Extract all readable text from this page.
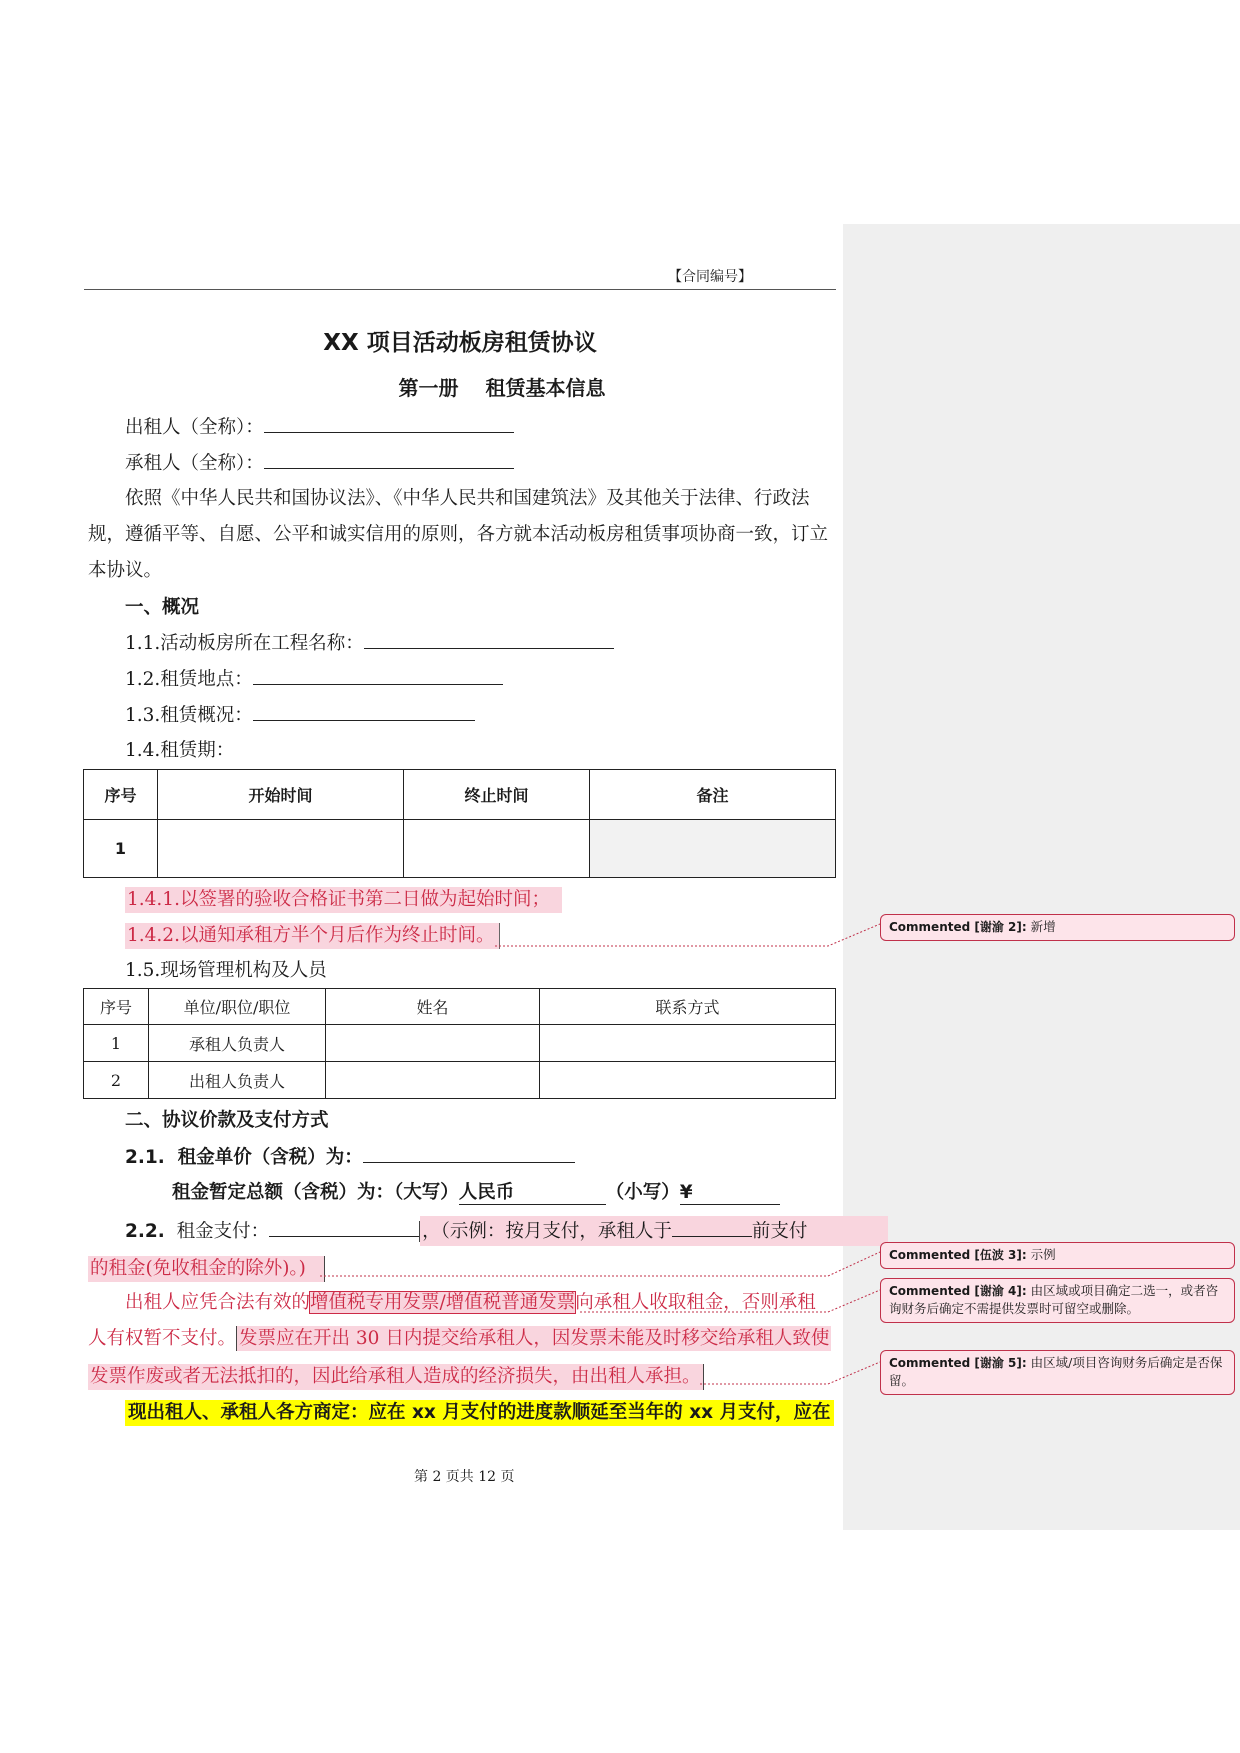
【合同编号】
XX 项目活动板房租赁协议
第一册　 租赁基本信息
出租人（全称）：
承租人（全称）：
依照《中华人民共和国协议法》、《中华人民共和国建筑法》及其他关于法律、行政法
规，遵循平等、自愿、公平和诚实信用的原则，各方就本活动板房租赁事项协商一致，订立
本协议。
一、概况
1.1.活动板房所在工程名称：
1.2.租赁地点：
1.3.租赁概况：
1.4.租赁期：
序号	开始时间	终止时间	备注
1			
1.4.1.以签署的验收合格证书第二日做为起始时间；
1.4.2.以通知承租方半个月后作为终止时间。
1.5.现场管理机构及人员
序号	单位/职位/职位	姓名	联系方式
1	承租人负责人		
2	出租人负责人		
二、协议价款及支付方式
2.1. 租金单价（含税）为：
租金暂定总额（含税）为：（大写）人民币	（小写）¥
2.2. 租金支付：	，（示例：按月支付，承租人于	前支付
的租金(免收租金的除外)。)
出租人应凭合法有效的增值税专用发票/增值税普通发票向承租人收取租金，否则承租
人有权暂不支付。 发票应在开出 30 日内提交给承租人，因发票未能及时移交给承租人致使
发票作废或者无法抵扣的，因此给承租人造成的经济损失，由出租人承担。
现出租人、承租人各方商定：应在 xx 月支付的进度款顺延至当年的 xx 月支付，应在
第 2 页共 12 页
Commented [谢渝 2]: 新增
Commented [伍波 3]: 示例
Commented [谢渝 4]: 由区域或项目确定二选一，或者咨询财务后确定不需提供发票时可留空或删除。
Commented [谢渝 5]: 由区域/项目咨询财务后确定是否保留。
